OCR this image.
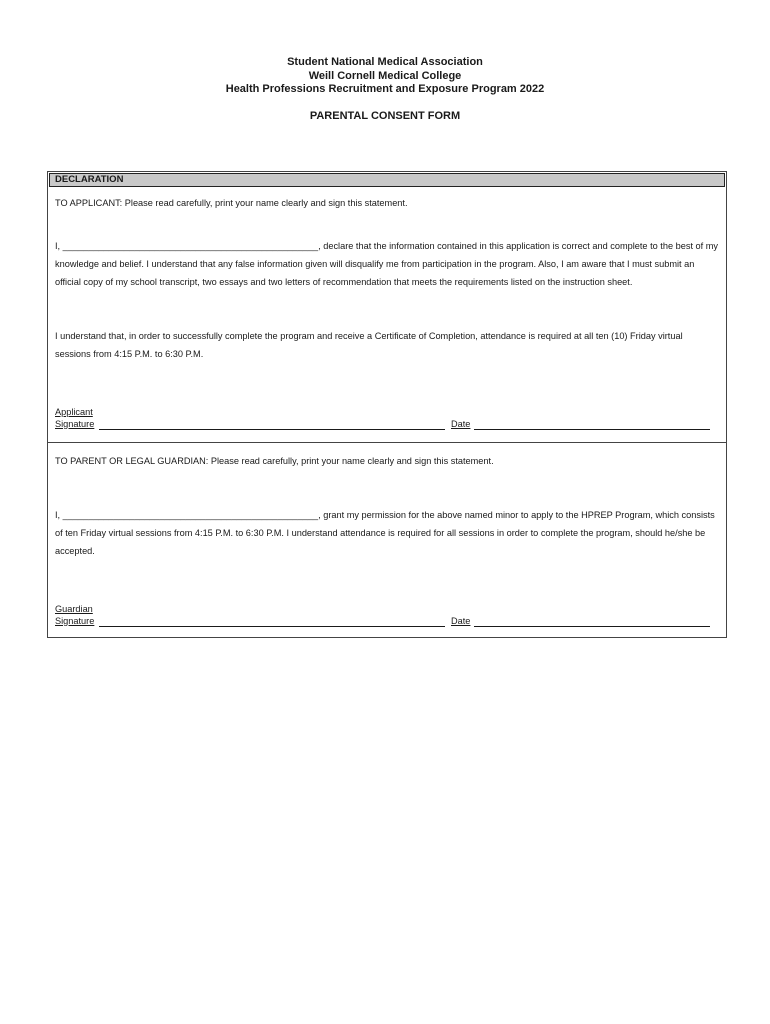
Student National Medical Association
Weill Cornell Medical College
Health Professions Recruitment and Exposure Program 2022
PARENTAL CONSENT FORM
DECLARATION
TO APPLICANT: Please read carefully, print your name clearly and sign this statement.
I, __________________________________________________, declare that the information contained in this application is correct and complete to the best of my knowledge and belief. I understand that any false information given will disqualify me from participation in the program. Also, I am aware that I must submit an official copy of my school transcript, two essays and two letters of recommendation that meets the requirements listed on the instruction sheet.
I understand that, in order to successfully complete the program and receive a Certificate of Completion, attendance is required at all ten (10) Friday virtual sessions from 4:15 P.M. to 6:30 P.M.
Applicant
Signature	Date
TO PARENT OR LEGAL GUARDIAN: Please read carefully, print your name clearly and sign this statement.
I, __________________________________________________, grant my permission for the above named minor to apply to the HPREP Program, which consists of ten Friday virtual sessions from 4:15 P.M. to 6:30 P.M. I understand attendance is required for all sessions in order to complete the program, should he/she be accepted.
Guardian
Signature	Date
